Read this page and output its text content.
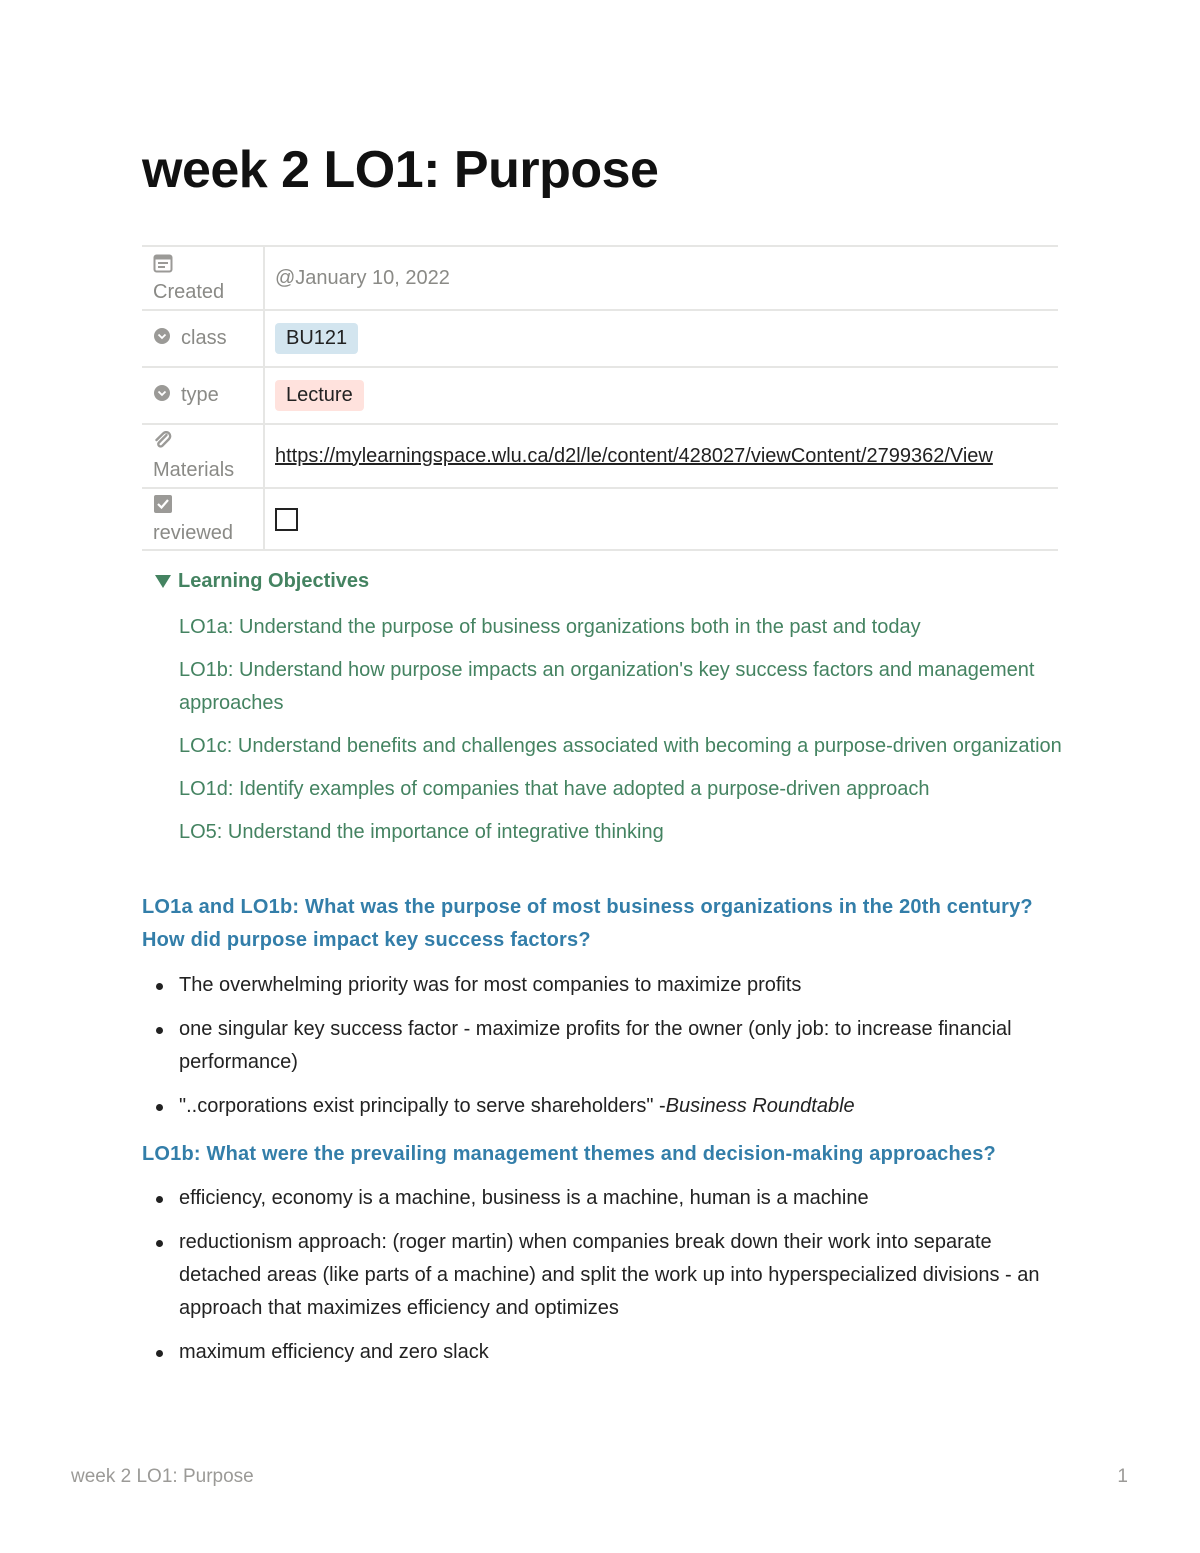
week 2 LO1: Purpose
Created	@January 10, 2022

class	BU121

type	Lecture

Materials	https://mylearningspace.wlu.ca/d2l/le/content/428027/viewContent/2799362/View

reviewed	
Learning Objectives

LO1a: Understand the purpose of business organizations both in the past and today

LO1b: Understand how purpose impacts an organization's key success factors and management approaches

LO1c: Understand benefits and challenges associated with becoming a purpose-driven organization

LO1d: Identify examples of companies that have adopted a purpose-driven approach

LO5: Understand the importance of integrative thinking

LO1a and LO1b: What was the purpose of most business organizations in the 20th century? How did purpose impact key success factors?
The overwhelming priority was for most companies to maximize profits
one singular key success factor - maximize profits for the owner (only job: to increase financial performance)
"..corporations exist principally to serve shareholders" -Business Roundtable
LO1b: What were the prevailing management themes and decision-making approaches?
efficiency, economy is a machine, business is a machine, human is a machine
reductionism approach: (roger martin) when companies break down their work into separate detached areas (like parts of a machine) and split the work up into hyperspecialized divisions - an approach that maximizes efficiency and optimizes
maximum efficiency and zero slack
week 2 LO1: Purpose	1
